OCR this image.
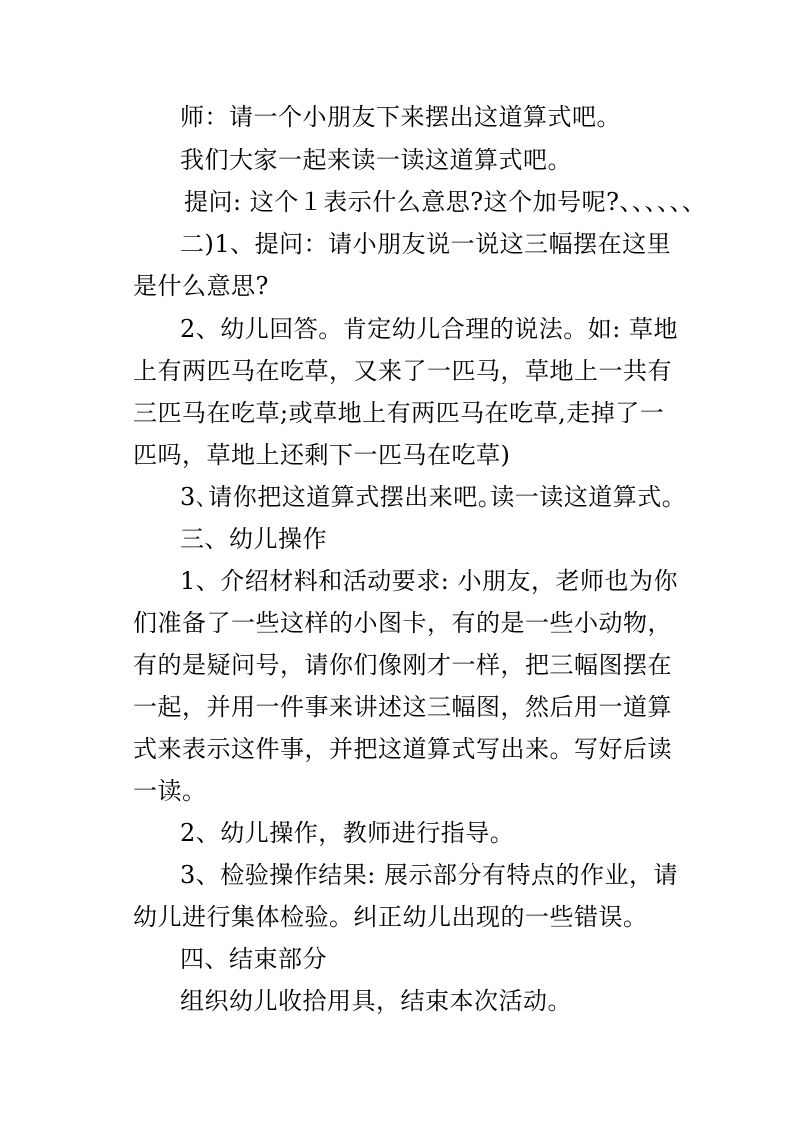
师：请一个小朋友下来摆出这道算式吧。
我们大家一起来读一读这道算式吧。
提问: 这个１表示什么意思?这个加号呢?、、、、、、
二)1、提问：请小朋友说一说这三幅摆在这里
是什么意思?
2、幼儿回答。肯定幼儿合理的说法。如: 草地
上有两匹马在吃草，又来了一匹马，草地上一共有
三匹马在吃草;或草地上有两匹马在吃草,走掉了一
匹吗，草地上还剩下一匹马在吃草)
3､请你把这道算式摆出来吧｡读一读这道算式。
三、幼儿操作
1、介绍材料和活动要求: 小朋友，老师也为你
们准备了一些这样的小图卡，有的是一些小动物，
有的是疑问号，请你们像刚才一样，把三幅图摆在
一起，并用一件事来讲述这三幅图，然后用一道算
式来表示这件事，并把这道算式写出来。写好后读
一读。
2、幼儿操作，教师进行指导。
3、检验操作结果: 展示部分有特点的作业，请
幼儿进行集体检验。纠正幼儿出现的一些错误。
四、结束部分
组织幼儿收拾用具，结束本次活动。
